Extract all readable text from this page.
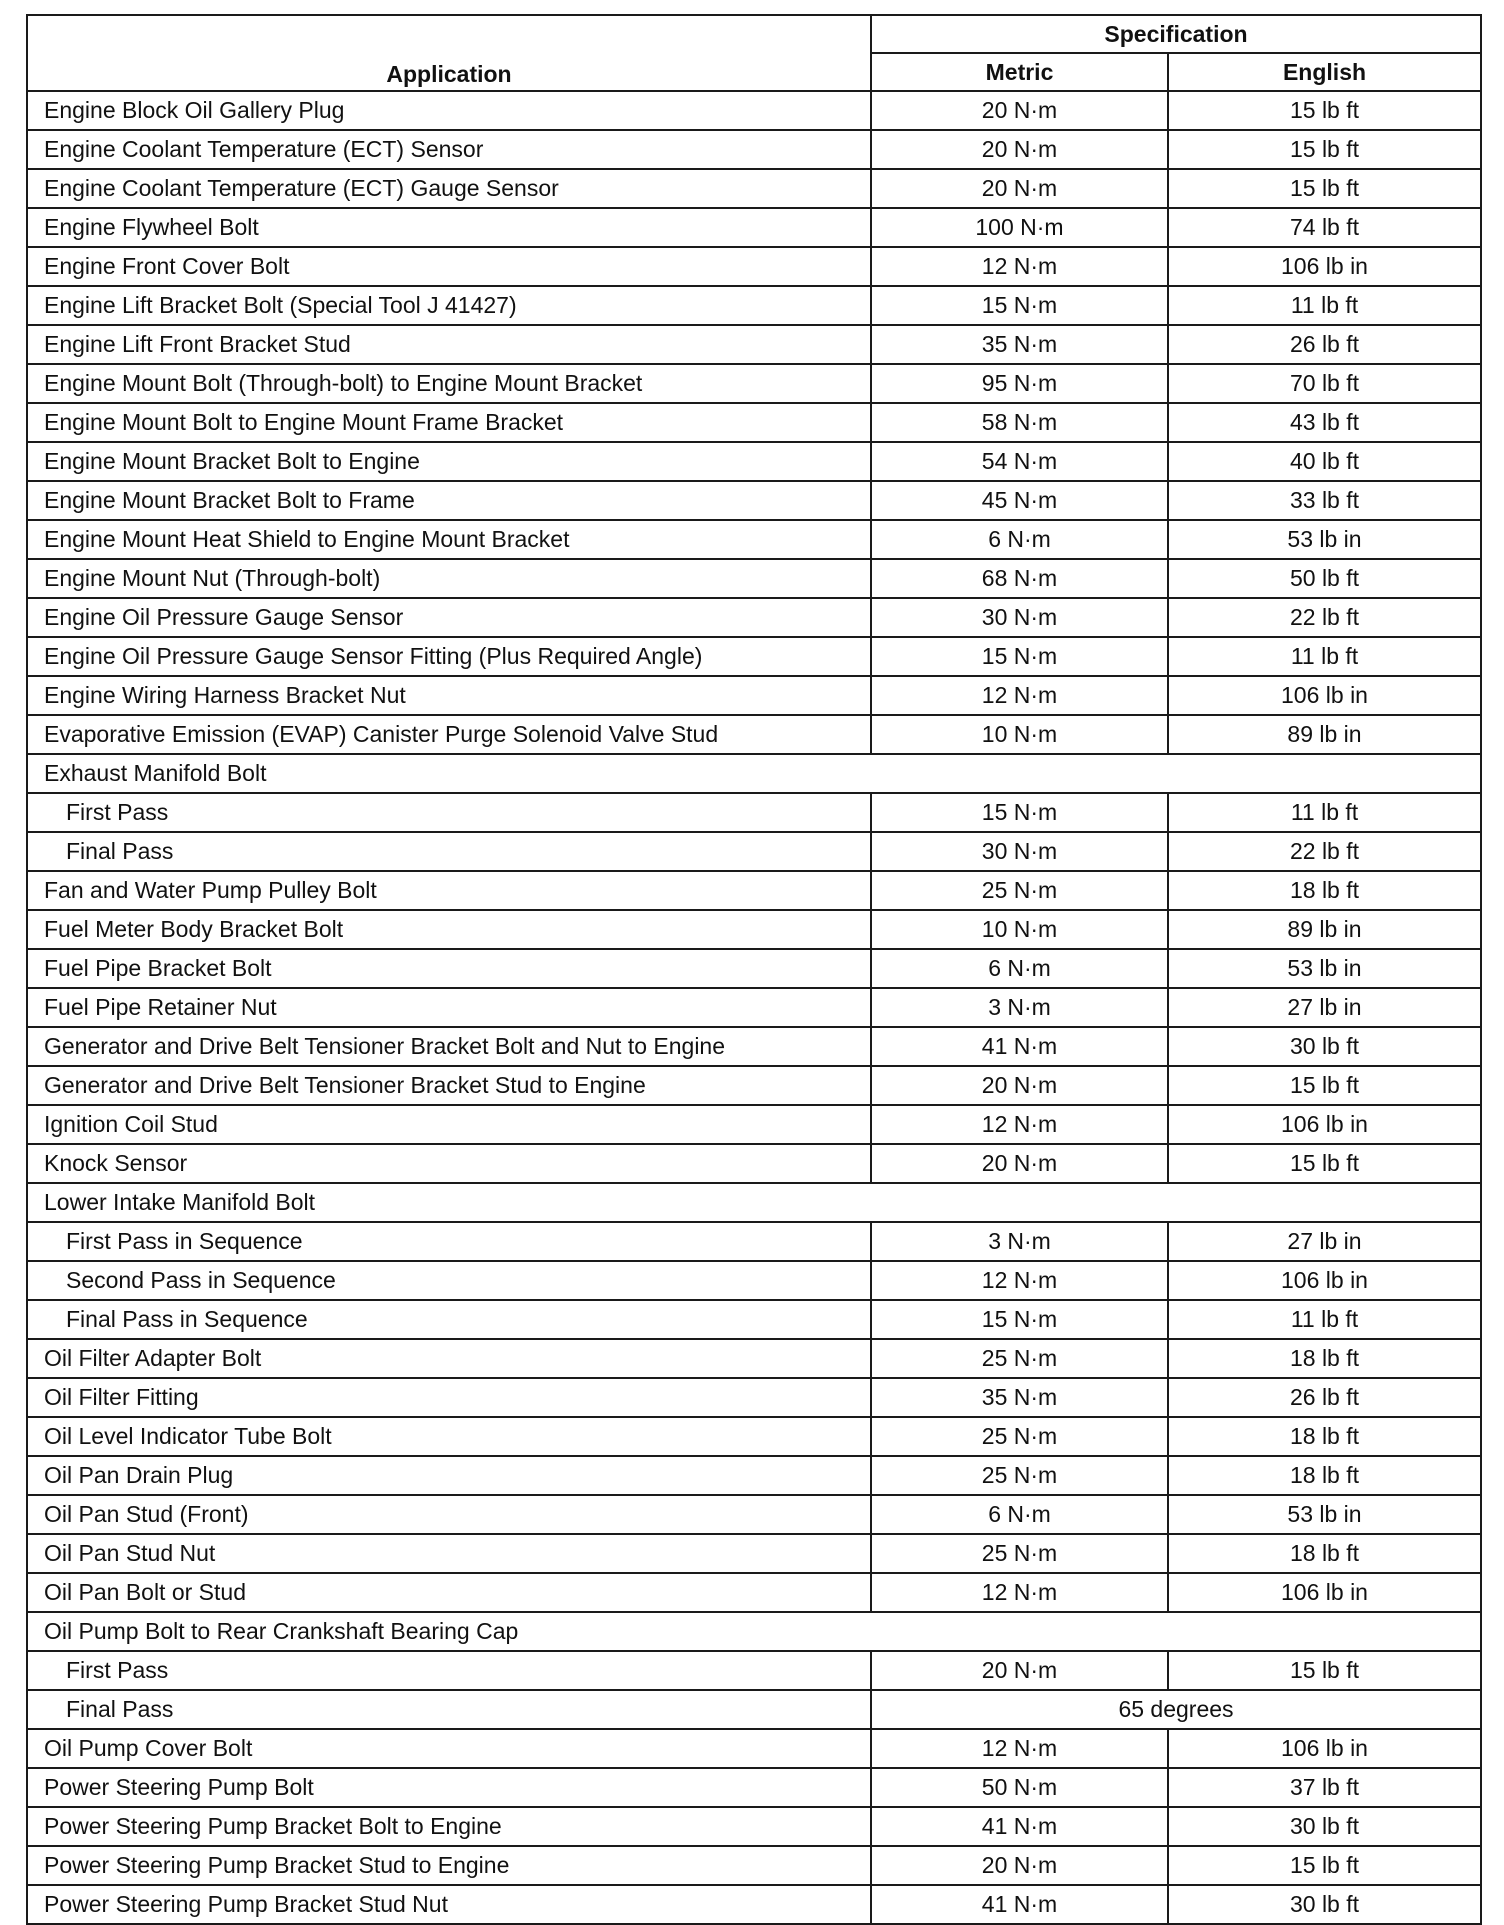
Application	Specification	
	Metric	English
Engine Block Oil Gallery Plug	20 N·m	15 lb ft
Engine Coolant Temperature (ECT) Sensor	20 N·m	15 lb ft
Engine Coolant Temperature (ECT) Gauge Sensor	20 N·m	15 lb ft
Engine Flywheel Bolt	100 N·m	74 lb ft
Engine Front Cover Bolt	12 N·m	106 lb in
Engine Lift Bracket Bolt (Special Tool J 41427)	15 N·m	11 lb ft
Engine Lift Front Bracket Stud	35 N·m	26 lb ft
Engine Mount Bolt (Through-bolt) to Engine Mount Bracket	95 N·m	70 lb ft
Engine Mount Bolt to Engine Mount Frame Bracket	58 N·m	43 lb ft
Engine Mount Bracket Bolt to Engine	54 N·m	40 lb ft
Engine Mount Bracket Bolt to Frame	45 N·m	33 lb ft
Engine Mount Heat Shield to Engine Mount Bracket	6 N·m	53 lb in
Engine Mount Nut (Through-bolt)	68 N·m	50 lb ft
Engine Oil Pressure Gauge Sensor	30 N·m	22 lb ft
Engine Oil Pressure Gauge Sensor Fitting (Plus Required Angle)	15 N·m	11 lb ft
Engine Wiring Harness Bracket Nut	12 N·m	106 lb in
Evaporative Emission (EVAP) Canister Purge Solenoid Valve Stud	10 N·m	89 lb in
Exhaust Manifold Bolt		
First Pass	15 N·m	11 lb ft
Final Pass	30 N·m	22 lb ft
Fan and Water Pump Pulley Bolt	25 N·m	18 lb ft
Fuel Meter Body Bracket Bolt	10 N·m	89 lb in
Fuel Pipe Bracket Bolt	6 N·m	53 lb in
Fuel Pipe Retainer Nut	3 N·m	27 lb in
Generator and Drive Belt Tensioner Bracket Bolt and Nut to Engine	41 N·m	30 lb ft
Generator and Drive Belt Tensioner Bracket Stud to Engine	20 N·m	15 lb ft
Ignition Coil Stud	12 N·m	106 lb in
Knock Sensor	20 N·m	15 lb ft
Lower Intake Manifold Bolt		
First Pass in Sequence	3 N·m	27 lb in
Second Pass in Sequence	12 N·m	106 lb in
Final Pass in Sequence	15 N·m	11 lb ft
Oil Filter Adapter Bolt	25 N·m	18 lb ft
Oil Filter Fitting	35 N·m	26 lb ft
Oil Level Indicator Tube Bolt	25 N·m	18 lb ft
Oil Pan Drain Plug	25 N·m	18 lb ft
Oil Pan Stud (Front)	6 N·m	53 lb in
Oil Pan Stud Nut	25 N·m	18 lb ft
Oil Pan Bolt or Stud	12 N·m	106 lb in
Oil Pump Bolt to Rear Crankshaft Bearing Cap		
First Pass	20 N·m	15 lb ft
Final Pass	65 degrees	
Oil Pump Cover Bolt	12 N·m	106 lb in
Power Steering Pump Bolt	50 N·m	37 lb ft
Power Steering Pump Bracket Bolt to Engine	41 N·m	30 lb ft
Power Steering Pump Bracket Stud to Engine	20 N·m	15 lb ft
Power Steering Pump Bracket Stud Nut	41 N·m	30 lb ft
